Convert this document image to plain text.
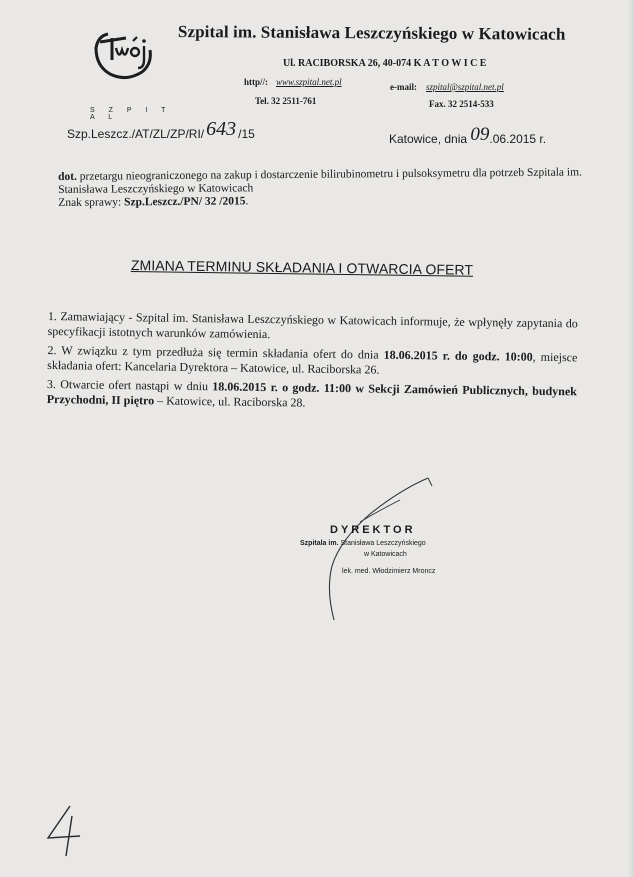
S Z P I T A L
Szpital im. Stanisława Leszczyńskiego w Katowicach
Ul. RACIBORSKA 26, 40-074 K A T O W I C E
http//: www.szpital.net.pl	e-mail: szpital@szpital.net.pl
Tel. 32 2511-761	Fax. 32 2514-533
Szp.Leszcz./AT/ZL/ZP/RI/ 643 /15	Katowice, dnia 09.06.2015 r.
dot. przetargu nieograniczonego na zakup i dostarczenie bilirubinometru i pulsoksymetru dla potrzeb Szpitala im. Stanisława Leszczyńskiego w Katowicach
Znak sprawy: Szp.Leszcz./PN/ 32 /2015.
ZMIANA TERMINU SKŁADANIA I OTWARCIA OFERT

1. Zamawiający - Szpital im. Stanisława Leszczyńskiego w Katowicach informuje, że wpłynęły zapytania do specyfikacji istotnych warunków zamówienia.

2. W związku z tym przedłuża się termin składania ofert do dnia 18.06.2015 r. do godz. 10:00, miejsce składania ofert: Kancelaria Dyrektora – Katowice, ul. Raciborska 26.

3. Otwarcie ofert nastąpi w dniu 18.06.2015 r. o godz. 11:00 w Sekcji Zamówień Publicznych, budynek Przychodni, II piętro – Katowice, ul. Raciborska 28.

DYREKTOR
Szpitala im. Stanisława Leszczyńskiego
w Katowicach
lek. med. Włodzimierz Mroncz
